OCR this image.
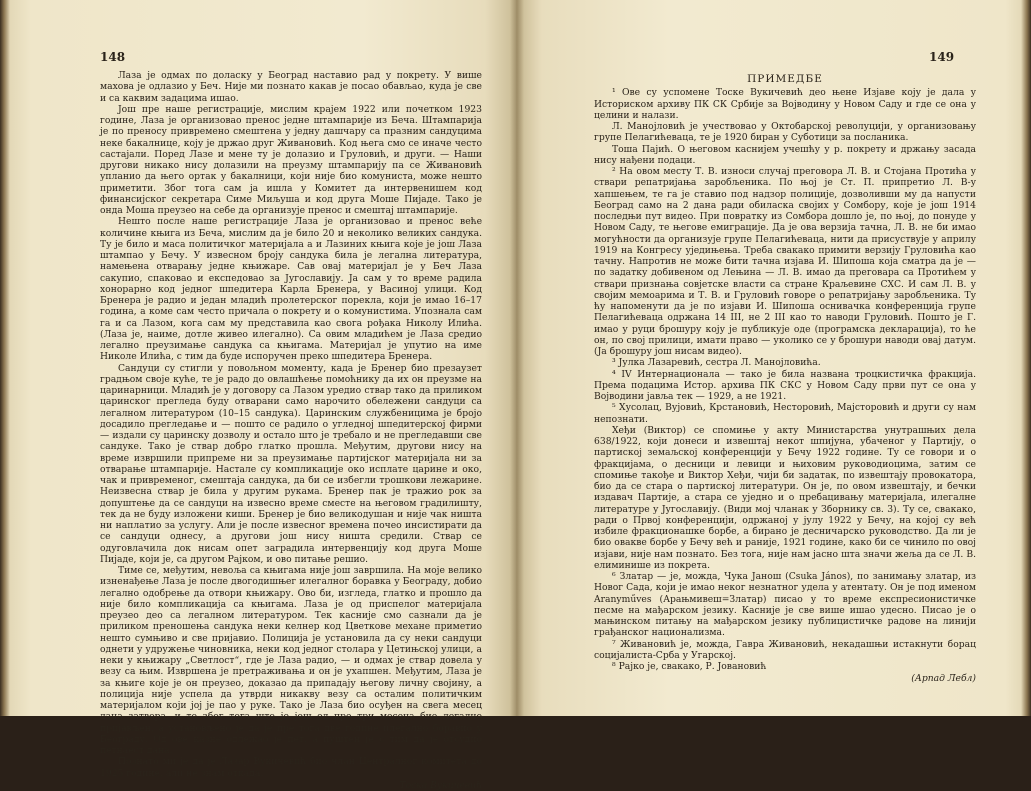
148

Лаза је одмах по доласку у Београд наставио рад у покрету. У више махова је одлазио у Беч. Није ми познато какав је посао обављао, куда је све и са каквим задацима ишао.

Још пре наше регистрације, мислим крајем 1922 или почетком 1923 године, Лаза је организовао пренос једне штампарије из Беча. Штампарија је по преносу привремено смештена у једну дашчару са празним сандуцима неке бакалнице, коју је држао друг Живановић. Код њега смо се иначе често састајали. Поред Лазе и мене ту је долазио и Груловић, и други. — Наши другови никако нису долазили на преузму штампарију па се Живановић упланио да њего ортак у бакалници, који није био комуниста, може нешто приметити. Због тога сам ја ишла у Комитет да интервенишем код финансијског секретара Симе Миљуша и код друга Моше Пијаде. Тако је онда Моша преузео на себе да организује пренос и смештај штампарије.

Нешто после наше регистрације Лаза је организовао и пренос веће количине књига из Беча, мислим да је било 20 и неколико великих сандука. Ту је било и маса политичког материјала а и Лазиних књига које је још Лаза штампао у Бечу. У извесном броју сандука била је легална литература, намењена отварању једне књижаре. Сав овај материјал је у Беч Лаза сакупио, спаковао и експедовао за Југославију. Ја сам у то време радила хонорарно код једног шпедитера Карла Бренера, у Васиној улици. Код Бренера је радио и један младић пролетерског порекла, који је имао 16–17 година, а коме сам често причала о покрету и о комунистима. Упознала сам га и са Лазом, кога сам му представила као свога рођака Николу Илића. (Лаза је, наиме, дотле живео илегално). Са овим младићем је Лаза средио легално преузимање сандука са књигама. Материјал је упутио на име Николе Илића, с тим да буде испоручен преко шпедитера Бренера.

Сандуци су стигли у повољном моменту, када је Бренер био презаузет градњом своје куће, те је радо до овлашћење помоћнику да их он преузме на царинарници. Младић је у договору са Лазом уредио ствар тако да приликом царинског прегледа буду отварани само нарочито обележени сандуци са легалном литературом (10–15 сандука). Царинским службеницима је бројо досадило прегледање и — пошто се радило о угледној шпедитерској фирми — издали су царинску дозволу и остало што је требало и не прегледавши све сандуке. Тако је ствар добро глатко прошла. Међутим, другови нису на време извршили припреме ни за преузимање партијског материјала ни за отварање штампарије. Настале су компликације око исплате царине и око, чак и привременог, смештаја сандука, да би се избегли трошкови лежарине. Неизвесна ствар је била у другим рукама. Бренер пак је тражио рок за допуштење да се сандуци на извесно време сместе на његовом градилишту, тек да не буду изложени киши. Бренер је био великодушан и није чак ништа ни наплатио за услугу. Али је после извесног времена почео инсистирати да се сандуци однесу, а другови још нису ништа средили. Ствар се одуговлачила док нисам опет заградила интервенцију код друга Моше Пијаде, који је, са другом Рајком, и ово питање решио.

Тиме се, међутим, невоља са књигама није још завршила. На моје велико изненађење Лаза је после двогодишњег илегалног боравка у Београду, добио легално одобрење да отвори књижару. Ово би, изгледа, глатко и прошло да није било компликација са књигама. Лаза је од приспелог материјала преузео део са легалном литературом. Тек касније смо сазнали да је приликом преношења сандука неки келнер код Цветкове механе приметио нешто сумњиво и све пријавио. Полиција је установила да су неки сандуци однети у удружење чиновника, неки код једног столара у Цетињској улици, а неки у књижару „Светлост“, где је Лаза радио, — и одмах је ствар довела у везу са њим. Извршена је претраживања и он је ухапшен. Међутим, Лаза је за књиге које је он преузео, доказао да припадају његову личну својину, а полиција није успела да утврди никакву везу са осталим политичким материјалом који јој је пао у руке. Тако је Лаза био осуђен на свега месец дана затвора, и то због тога што је још од пре три месеца био легално пријављен, а установљено је да је пре тога две године илегално боравио у Београду. Од ове казне одлежао је пет, а пуштен је с тим да је отсудио петнаест дана.

Познато ми је да је Лазар Вукичевић био члан Централног комитета до 1925 године, али не знам откада.

Тоска Вукичевић

149

ПРИМЕДБЕ

¹ Ове су успомене Тоске Вукичевић део њене Изјаве коју је дала у Историском архиву ПК СК Србије за Војводину у Новом Саду и где се она у целини и налази.

Л. Манојловић је учествовао у Октобарској револуцији, у организовању групе Пелагићеваца, те је 1920 биран у Суботици за посланика.

Тоша Пајић. О његовом каснијем учешћу у р. покрету и држању засада нису нађени подаци.

² На овом месту Т. В. износи случај преговора Л. В. и Стојана Протића у ствари репатријања заробљеника. По њој је Ст. П. припретио Л. В-у хапшењем, те га је ставио под надзор полиције, дозволивши му да напусти Београд само на 2 дана ради обиласка својих у Сомбору, које је још 1914 последњи пут видео. При повратку из Сомбора дошло је, по њој, до понуде у Новом Саду, те његове емиграције. Да је ова верзија тачна, Л. В. не би имао могућности да организује групе Пелагићеваца, нити да присуствује у априлу 1919 на Конгресу уједињења. Треба свакако примити верзију Груловића као тачну. Напротив не може бити тачна изјава И. Шипоша која сматра да је — по задатку добивеном од Лењина — Л. В. имао да преговара са Протићем у ствари признања совјетске власти са стране Краљевине СХС. И сам Л. В. у својим мемоарима и Т. В. и Груловић говоре о репатријању заробљеника. Ту ћу напоменути да је по изјави И. Шипоша оснивачка конференција групе Пелагићеваца одржана 14 III, не 2 III као то наводи Груловић. Пошто је Г. имао у руци брошуру коју је публикује оде (програмска декларација), то ће он, по свој прилици, имати право — уколико се у брошури наводи овај датум. (Ја брошуру још нисам видео).

³ Јулка Лазаревић, сестра Л. Манојловића.

⁴ IV Интернационала — тако је била названа троцкистичка фракција. Према подацима Истор. архива ПК СКС у Новом Саду први пут се она у Војводини јавља тек — 1929, а не 1921.

⁵ Хусолац, Вујовић, Крстановић, Несторовић, Мајсторовић и други су нам непознати.

Хеђи (Виктор) се спомиње у акту Министарства унутрашњих дела 638/1922, који донеси и извештај некот шпијуна, убаченог у Партију, о партиској земаљској конференцији у Бечу 1922 године. Ту се говори и о фракцијама, о десници и левици и њиховим руководиоцима, затим се спомиње такође и Виктор Хеђи, чији би задатак, по извештају провокатора, био да се стара о партиској литератури. Он је, по овом извештају, и бечки издавач Партије, а стара се уједно и о пребацивању материјала, илегалне литературе у Југославију. (Види мој чланак у Зборнику св. 3). Ту се, свакако, ради о Првој конференцији, одржаној у јулу 1922 у Бечу, на којој су већ избиле фракционашке борбе, а бирано је десничарско руководство. Да ли је био овакве борбе у Бечу већ и раније, 1921 године, како би се чинило по овој изјави, није нам познато. Без тога, није нам јасно шта значи жеља да се Л. В. елиминише из покрета.

⁶ Златар — је, можда, Чука Јанош (Csuka János), по занимању златар, из Новог Сада, који је имао неког незнатног удела у атентату. Он је под именом Aranyműves (Арањмивеш=Златар) писао у то време експресионистичке песме на мађарском језику. Касније је све више ишао удесно. Писао је о мањинском питању на мађарском језику публицистичке радове на линији грађанског национализма.

⁷ Живановић је, можда, Гавра Живановић, некадашњи истакнути борац социјалиста-Срба у Угарској.

⁸ Рајко је, свакако, Р. Јовановић

(Арпад Лебл)
